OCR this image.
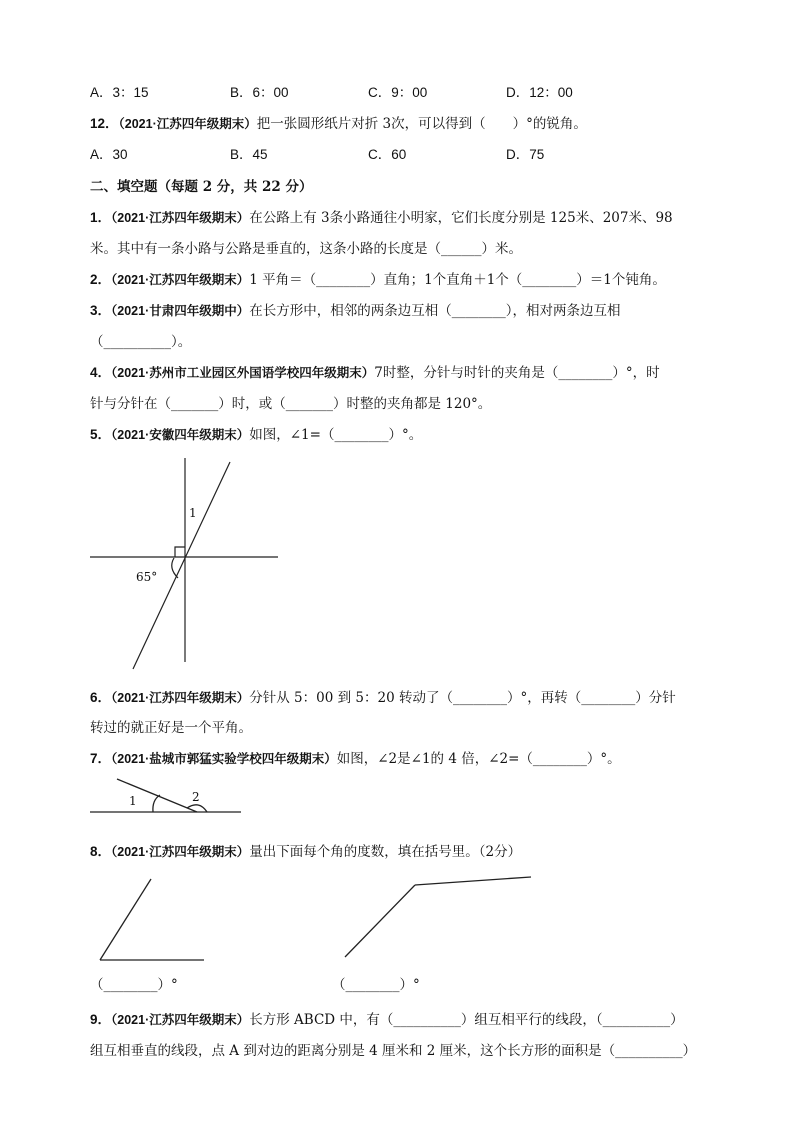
A．3：15	B．6：00	C．9：00	D．12：00
12．（2021·江苏四年级期末）把一张圆形纸片对折 3次，可以得到（　　）°的锐角。
A．30	B．45	C．60	D．75
二、填空题（每题 2 分，共 22 分）
1．（2021·江苏四年级期末）在公路上有 3条小路通往小明家，它们长度分别是 125米、207米、98
米。其中有一条小路与公路是垂直的，这条小路的长度是（______）米。
2．（2021·江苏四年级期末）1 平角＝（________）直角；1个直角＋1个（________）＝1个钝角。
3．（2021·甘肃四年级期中）在长方形中，相邻的两条边互相（________），相对两条边互相
（__________）。
4．（2021·苏州市工业园区外国语学校四年级期末）7时整，分针与时针的夹角是（________）°，时
针与分针在（_______）时，或（_______）时整的夹角都是 120°。
5．（2021·安徽四年级期末）如图，∠1=（________）°。
6．（2021·江苏四年级期末）分针从 5：00 到 5：20 转动了（________）°，再转（________）分针
转过的就正好是一个平角。
7．（2021·盐城市郭猛实验学校四年级期末）如图，∠2是∠1的 4 倍，∠2=（________）°。
8．（2021·江苏四年级期末）量出下面每个角的度数，填在括号里。（2分）
（________）°	（________）°
9．（2021·江苏四年级期末）长方形 ABCD 中，有（__________）组互相平行的线段，（__________）
组互相垂直的线段，点 A 到对边的距离分别是 4 厘米和 2 厘米，这个长方形的面积是（__________）
1
65°
1	2
